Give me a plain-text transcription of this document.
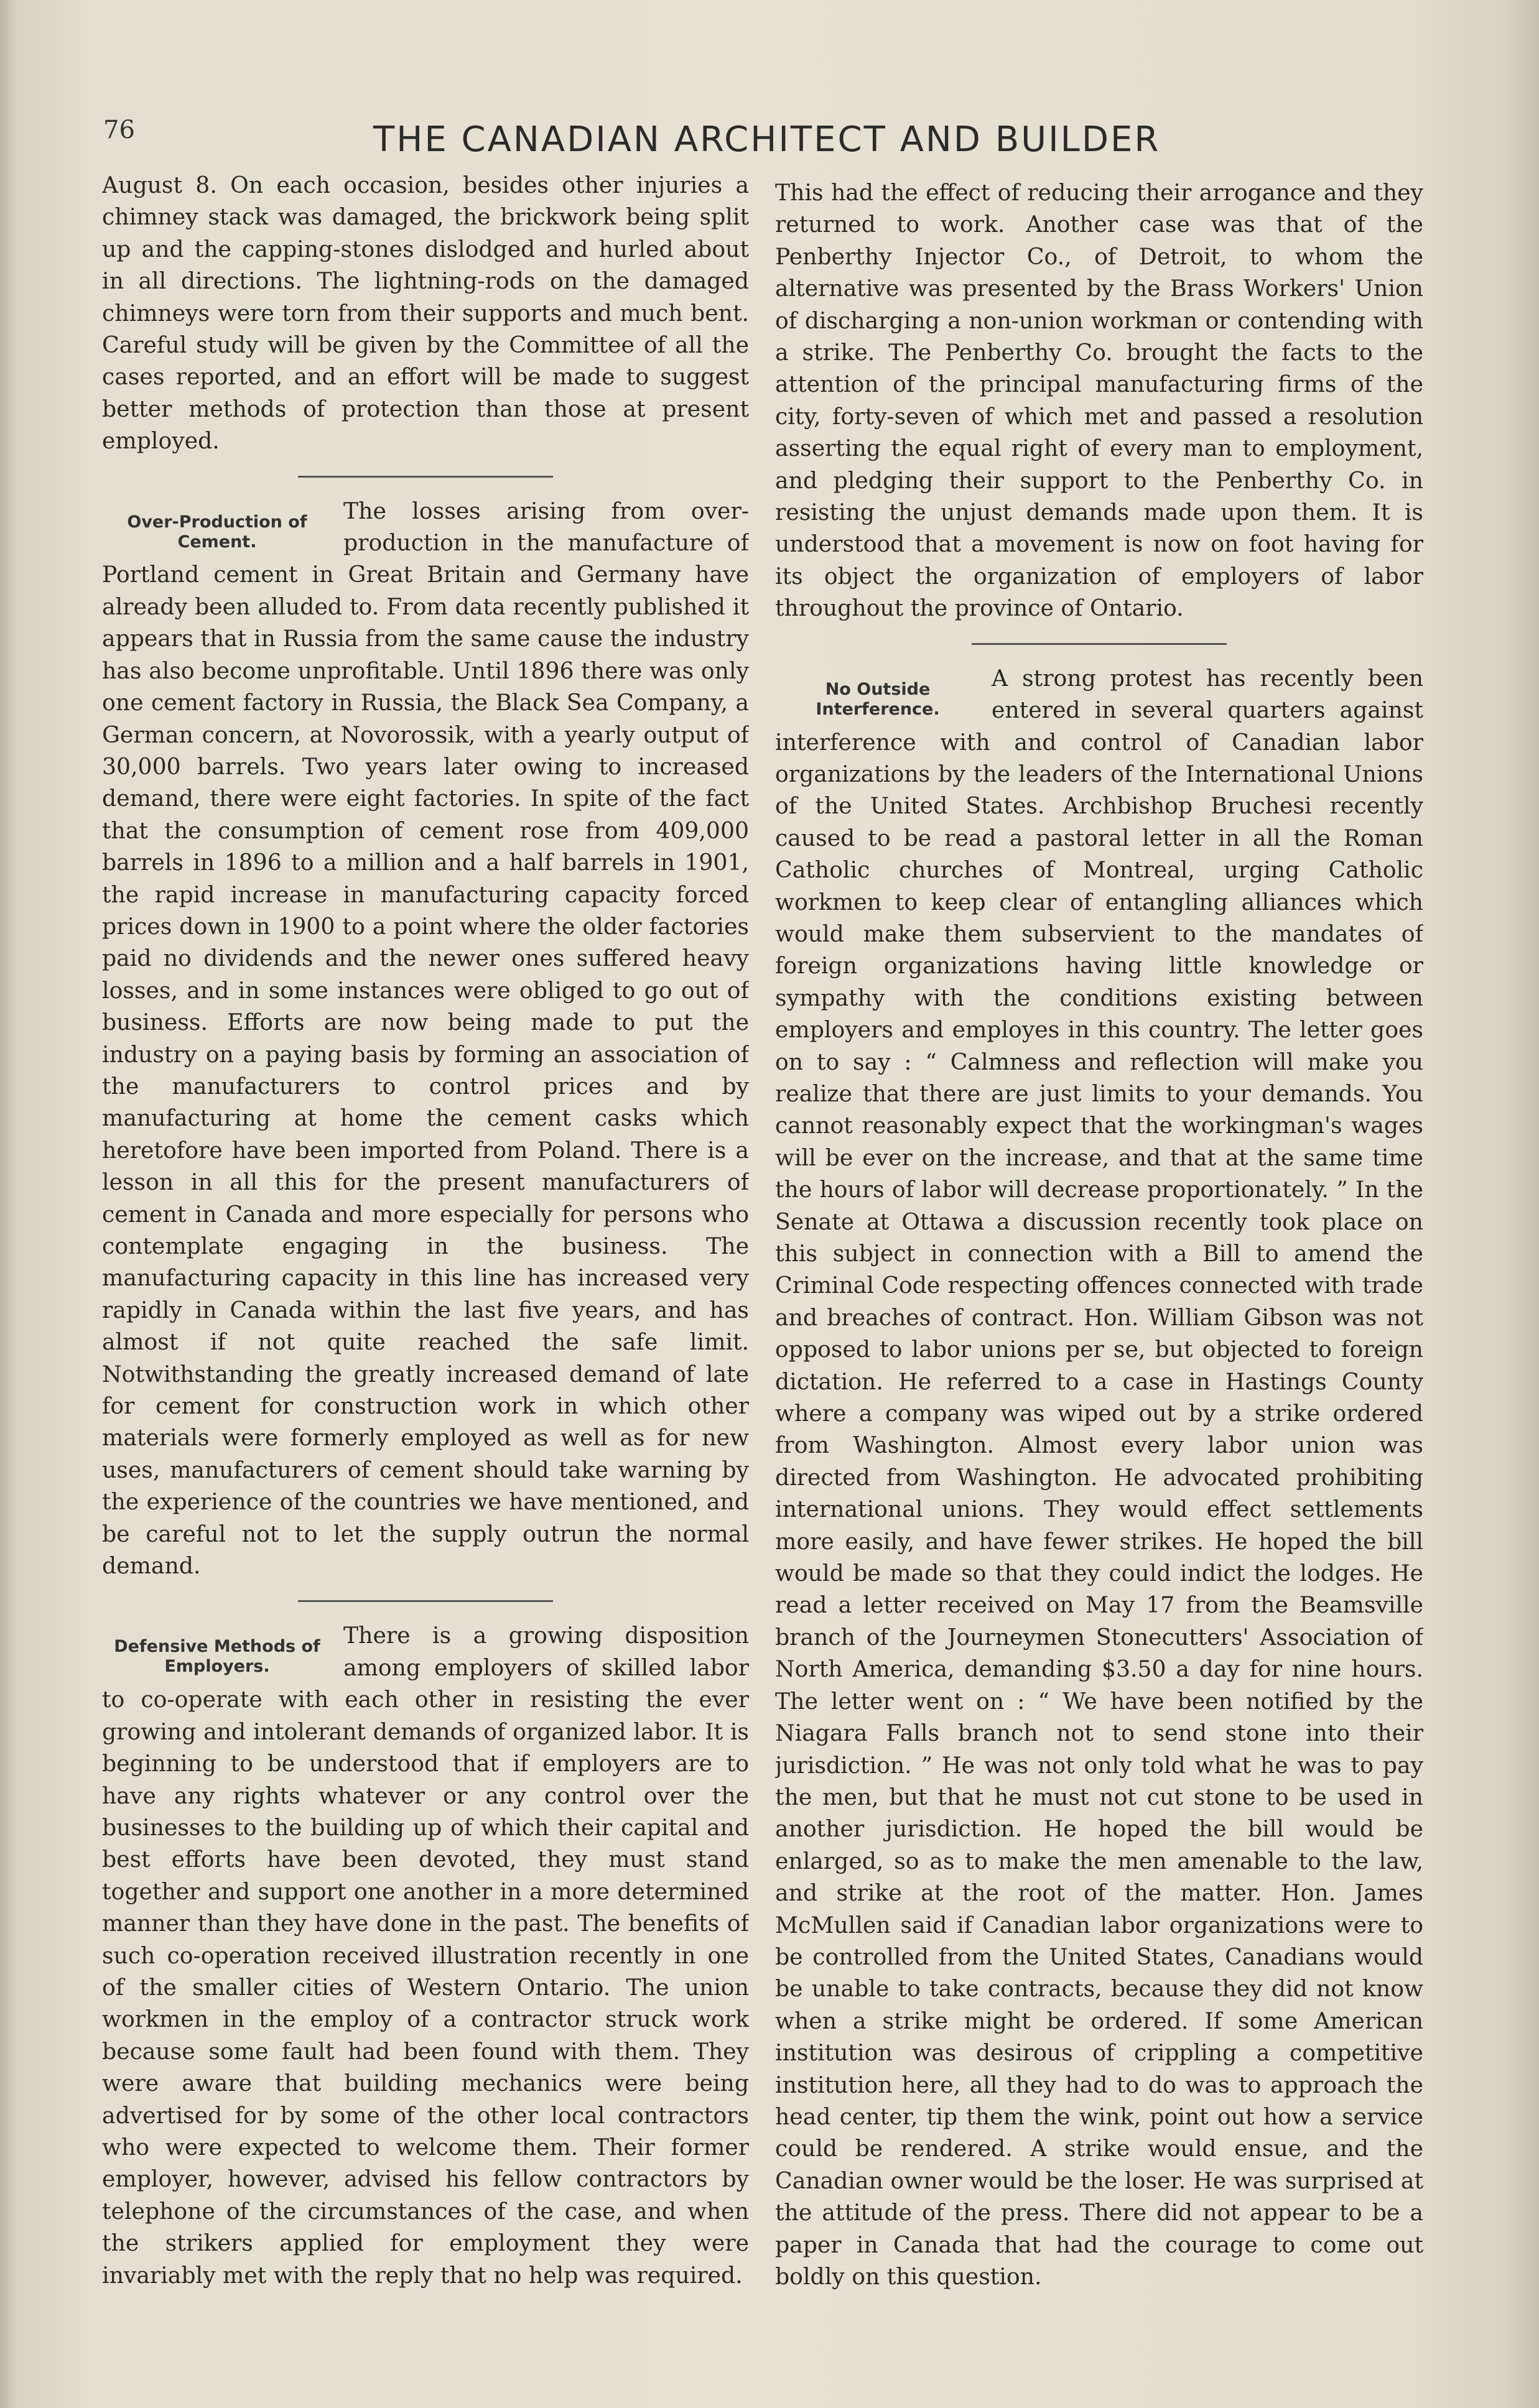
76	THE CANADIAN ARCHITECT AND BUILDER

August 8. On each occasion, besides other injuries a chimney stack was damaged, the brickwork being split up and the capping-stones dislodged and hurled about in all directions. The lightning-rods on the damaged chimneys were torn from their supports and much bent. Careful study will be given by the Committee of all the cases reported, and an effort will be made to suggest better methods of protection than those at present employed.

Over-Production of
Cement.

The losses arising from over-production in the manufacture of Portland cement in Great Britain and Germany have already been alluded to. From data recently published it appears that in Russia from the same cause the industry has also become unprofitable. Until 1896 there was only one cement factory in Russia, the Black Sea Company, a German concern, at Novorossik, with a yearly output of 30,000 barrels. Two years later owing to increased demand, there were eight factories. In spite of the fact that the consumption of cement rose from 409,000 barrels in 1896 to a million and a half barrels in 1901, the rapid increase in manufacturing capacity forced prices down in 1900 to a point where the older factories paid no dividends and the newer ones suffered heavy losses, and in some instances were obliged to go out of business. Efforts are now being made to put the industry on a paying basis by forming an association of the manufacturers to control prices and by manufacturing at home the cement casks which heretofore have been imported from Poland. There is a lesson in all this for the present manufacturers of cement in Canada and more especially for persons who contemplate engaging in the business. The manufacturing capacity in this line has increased very rapidly in Canada within the last five years, and has almost if not quite reached the safe limit. Notwithstanding the greatly increased demand of late for cement for construction work in which other materials were formerly employed as well as for new uses, manufacturers of cement should take warning by the experience of the countries we have mentioned, and be careful not to let the supply outrun the normal demand.

Defensive Methods of
Employers.

There is a growing disposition among employers of skilled labor to co-operate with each other in resisting the ever growing and intolerant demands of organized labor. It is beginning to be understood that if employers are to have any rights whatever or any control over the businesses to the building up of which their capital and best efforts have been devoted, they must stand together and support one another in a more determined manner than they have done in the past. The benefits of such co-operation received illustration recently in one of the smaller cities of Western Ontario. The union workmen in the employ of a contractor struck work because some fault had been found with them. They were aware that building mechanics were being advertised for by some of the other local contractors who were expected to welcome them. Their former employer, however, advised his fellow contractors by telephone of the circumstances of the case, and when the strikers applied for employment they were invariably met with the reply that no help was required.

This had the effect of reducing their arrogance and they returned to work. Another case was that of the Penberthy Injector Co., of Detroit, to whom the alternative was presented by the Brass Workers' Union of discharging a non-union workman or contending with a strike. The Penberthy Co. brought the facts to the attention of the principal manufacturing firms of the city, forty-seven of which met and passed a resolution asserting the equal right of every man to employment, and pledging their support to the Penberthy Co. in resisting the unjust demands made upon them. It is understood that a movement is now on foot having for its object the organization of employers of labor throughout the province of Ontario.

No Outside
Interference.

A strong protest has recently been entered in several quarters against interference with and control of Canadian labor organizations by the leaders of the International Unions of the United States. Archbishop Bruchesi recently caused to be read a pastoral letter in all the Roman Catholic churches of Montreal, urging Catholic workmen to keep clear of entangling alliances which would make them subservient to the mandates of foreign organizations having little knowledge or sympathy with the conditions existing between employers and employes in this country. The letter goes on to say : “ Calmness and reflection will make you realize that there are just limits to your demands. You cannot reasonably expect that the workingman's wages will be ever on the increase, and that at the same time the hours of labor will decrease proportionately. ” In the Senate at Ottawa a discussion recently took place on this subject in connection with a Bill to amend the Criminal Code respecting offences connected with trade and breaches of contract. Hon. William Gibson was not opposed to labor unions per se, but objected to foreign dictation. He referred to a case in Hastings County where a company was wiped out by a strike ordered from Washington. Almost every labor union was directed from Washington. He advocated prohibiting international unions. They would effect settlements more easily, and have fewer strikes. He hoped the bill would be made so that they could indict the lodges. He read a letter received on May 17 from the Beamsville branch of the Journeymen Stonecutters' Association of North America, demanding $3.50 a day for nine hours. The letter went on : “ We have been notified by the Niagara Falls branch not to send stone into their jurisdiction. ” He was not only told what he was to pay the men, but that he must not cut stone to be used in another jurisdiction. He hoped the bill would be enlarged, so as to make the men amenable to the law, and strike at the root of the matter. Hon. James McMullen said if Canadian labor organizations were to be controlled from the United States, Canadians would be unable to take contracts, because they did not know when a strike might be ordered. If some American institution was desirous of crippling a competitive institution here, all they had to do was to approach the head center, tip them the wink, point out how a service could be rendered. A strike would ensue, and the Canadian owner would be the loser. He was surprised at the attitude of the press. There did not appear to be a paper in Canada that had the courage to come out boldly on this question.
